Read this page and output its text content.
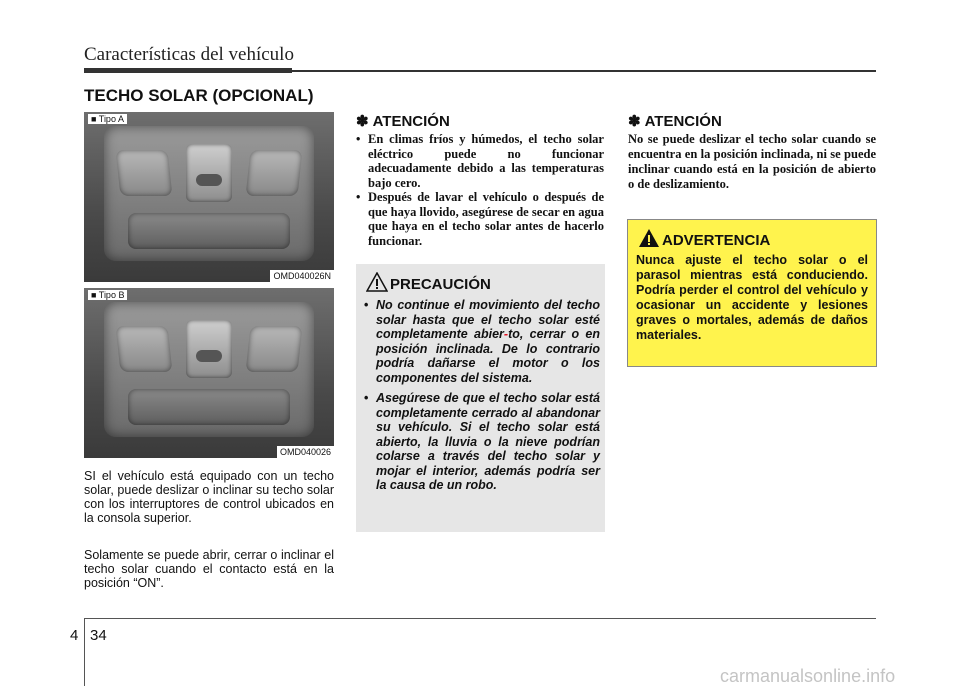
Características del vehículo
TECHO SOLAR (OPCIONAL)
■ Tipo A
OMD040026N
■ Tipo B
OMD040026

SI el vehículo está equipado con un techo solar, puede deslizar o inclinar su techo solar con los interruptores de control ubicados en la consola superior.

Solamente se puede abrir, cerrar o inclinar el techo solar cuando el contacto está en la posición “ON”.

✽ ATENCIÓN
• En climas fríos y húmedos, el techo solar eléctrico puede no funcionar adecuadamente debido a las temperaturas bajo cero.
• Después de lavar el vehículo o después de que haya llovido, asegúrese de secar en agua que haya en el techo solar antes de hacerlo funcionar.
✽ ATENCIÓN

No se puede deslizar el techo solar cuando se encuentra en la posición inclinada, ni se puede inclinar cuando está en la posición de abierto o de deslizamiento.

PRECAUCIÓN
• No continue el movimiento del techo solar hasta que el techo solar esté completamente abier-to, cerrar o en posición inclinada. De lo contrario podría dañarse el motor o los componentes del sistema.
• Asegúrese de que el techo solar está completamente cerrado al abandonar su vehículo. Si el techo solar está abierto, la lluvia o la nieve podrían colarse a través del techo solar y mojar el interior, además podría ser la causa de un robo.
ADVERTENCIA

Nunca ajuste el techo solar o el parasol mientras está conduciendo. Podría perder el control del vehículo y ocasionar un accidente y lesiones graves o mortales, además de daños materiales.

4 34
carmanualsonline.info
